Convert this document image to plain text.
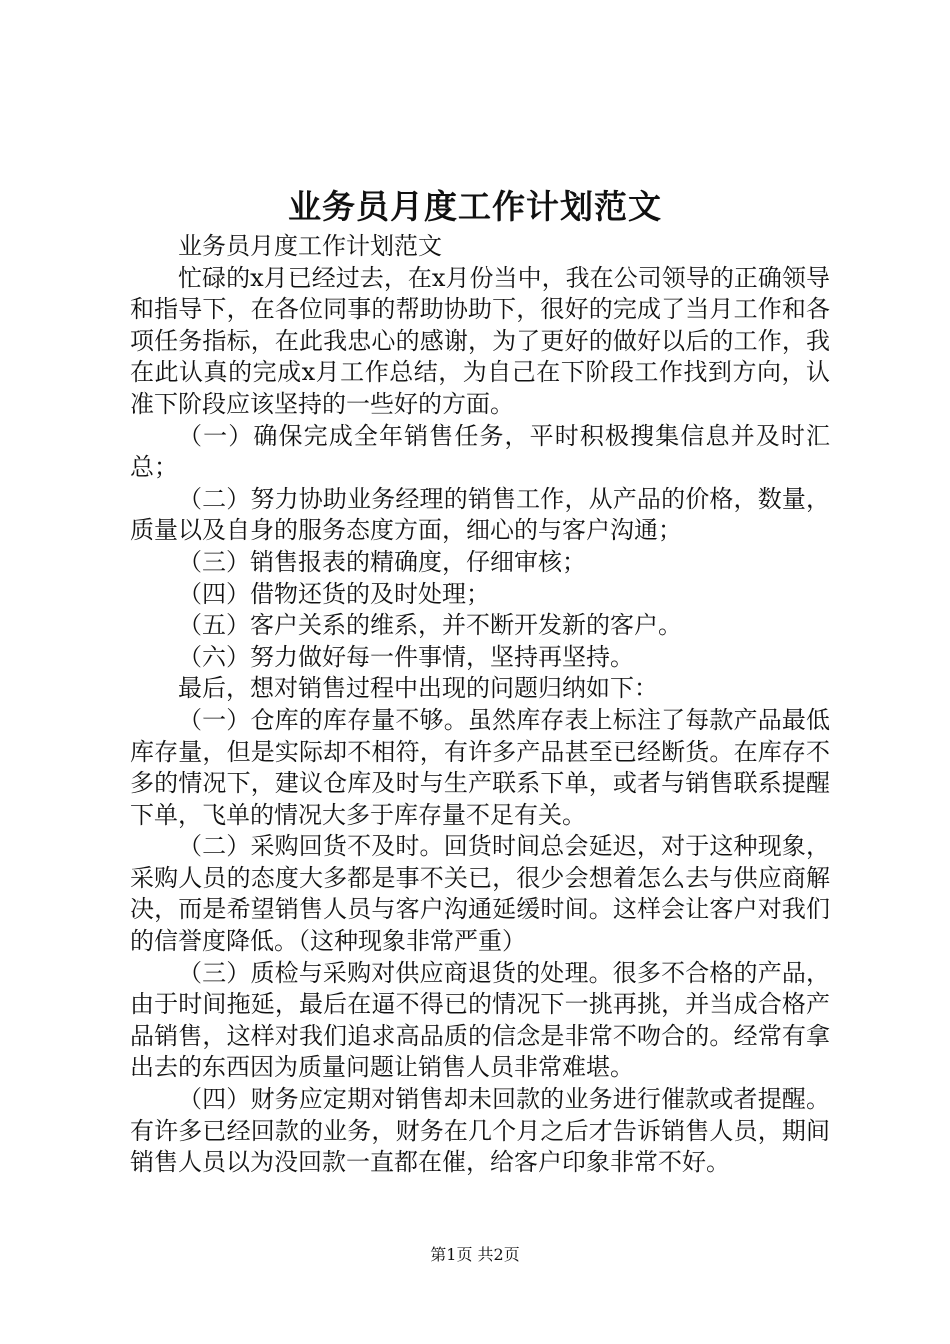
业务员月度工作计划范文

业务员月度工作计划范文

忙碌的x月已经过去，在x月份当中，我在公司领导的正确领导和指导下，在各位同事的帮助协助下，很好的完成了当月工作和各项任务指标，在此我忠心的感谢，为了更好的做好以后的工作，我在此认真的完成x月工作总结，为自己在下阶段工作找到方向，认准下阶段应该坚持的一些好的方面。

（一）确保完成全年销售任务，平时积极搜集信息并及时汇总；

（二）努力协助业务经理的销售工作，从产品的价格，数量，质量以及自身的服务态度方面，细心的与客户沟通；

（三）销售报表的精确度，仔细审核；

（四）借物还货的及时处理；

（五）客户关系的维系，并不断开发新的客户。

（六）努力做好每一件事情，坚持再坚持。

最后，想对销售过程中出现的问题归纳如下：

（一）仓库的库存量不够。虽然库存表上标注了每款产品最低库存量，但是实际却不相符，有许多产品甚至已经断货。在库存不多的情况下，建议仓库及时与生产联系下单，或者与销售联系提醒下单，飞单的情况大多于库存量不足有关。

（二）采购回货不及时。回货时间总会延迟，对于这种现象，采购人员的态度大多都是事不关已，很少会想着怎么去与供应商解决，而是希望销售人员与客户沟通延缓时间。这样会让客户对我们的信誉度降低。（这种现象非常严重）

（三）质检与采购对供应商退货的处理。很多不合格的产品，由于时间拖延，最后在逼不得已的情况下一挑再挑，并当成合格产品销售，这样对我们追求高品质的信念是非常不吻合的。经常有拿出去的东西因为质量问题让销售人员非常难堪。

（四）财务应定期对销售却未回款的业务进行催款或者提醒。有许多已经回款的业务，财务在几个月之后才告诉销售人员，期间销售人员以为没回款一直都在催，给客户印象非常不好。

第1页 共2页
